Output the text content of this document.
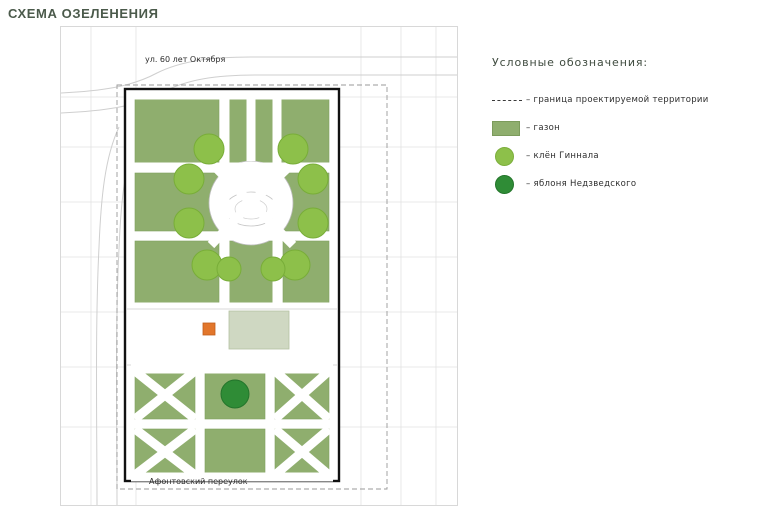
СХЕМА ОЗЕЛЕНЕНИЯ
ул. 60 лет Октября
Афонтовский переулок
Условные обозначения:
– граница проектируемой территории
– газон
– клён Гиннала
– яблоня Недзведского
